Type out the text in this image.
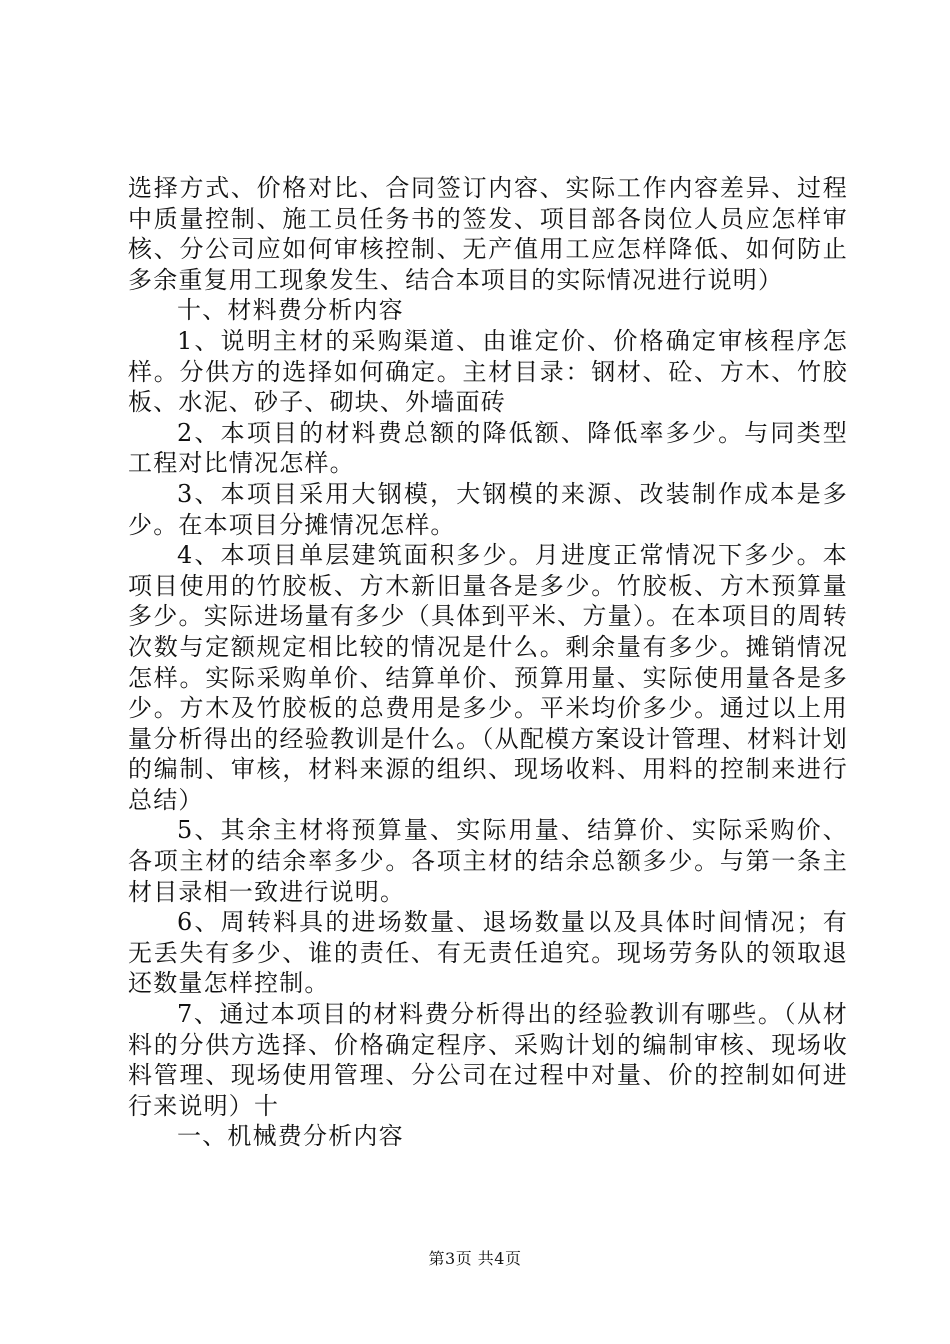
选择方式、价格对比、合同签订内容、实际工作内容差异、过程中质量控制、施工员任务书的签发、项目部各岗位人员应怎样审核、分公司应如何审核控制、无产值用工应怎样降低、如何防止多余重复用工现象发生、结合本项目的实际情况进行说明）

十、材料费分析内容

1、说明主材的采购渠道、由谁定价、价格确定审核程序怎样。分供方的选择如何确定。主材目录：钢材、砼、方木、竹胶板、水泥、砂子、砌块、外墙面砖

2、本项目的材料费总额的降低额、降低率多少。与同类型工程对比情况怎样。

3、本项目采用大钢模，大钢模的来源、改装制作成本是多少。在本项目分摊情况怎样。

4、本项目单层建筑面积多少。月进度正常情况下多少。本项目使用的竹胶板、方木新旧量各是多少。竹胶板、方木预算量多少。实际进场量有多少（具体到平米、方量）。在本项目的周转次数与定额规定相比较的情况是什么。剩余量有多少。摊销情况怎样。实际采购单价、结算单价、预算用量、实际使用量各是多少。方木及竹胶板的总费用是多少。平米均价多少。通过以上用量分析得出的经验教训是什么。（从配模方案设计管理、材料计划的编制、审核，材料来源的组织、现场收料、用料的控制来进行总结）

5、其余主材将预算量、实际用量、结算价、实际采购价、各项主材的结余率多少。各项主材的结余总额多少。与第一条主材目录相一致进行说明。

6、周转料具的进场数量、退场数量以及具体时间情况；有无丢失有多少、谁的责任、有无责任追究。现场劳务队的领取退还数量怎样控制。

7、通过本项目的材料费分析得出的经验教训有哪些。（从材料的分供方选择、价格确定程序、采购计划的编制审核、现场收料管理、现场使用管理、分公司在过程中对量、价的控制如何进行来说明）十

一、机械费分析内容

第3页 共4页
